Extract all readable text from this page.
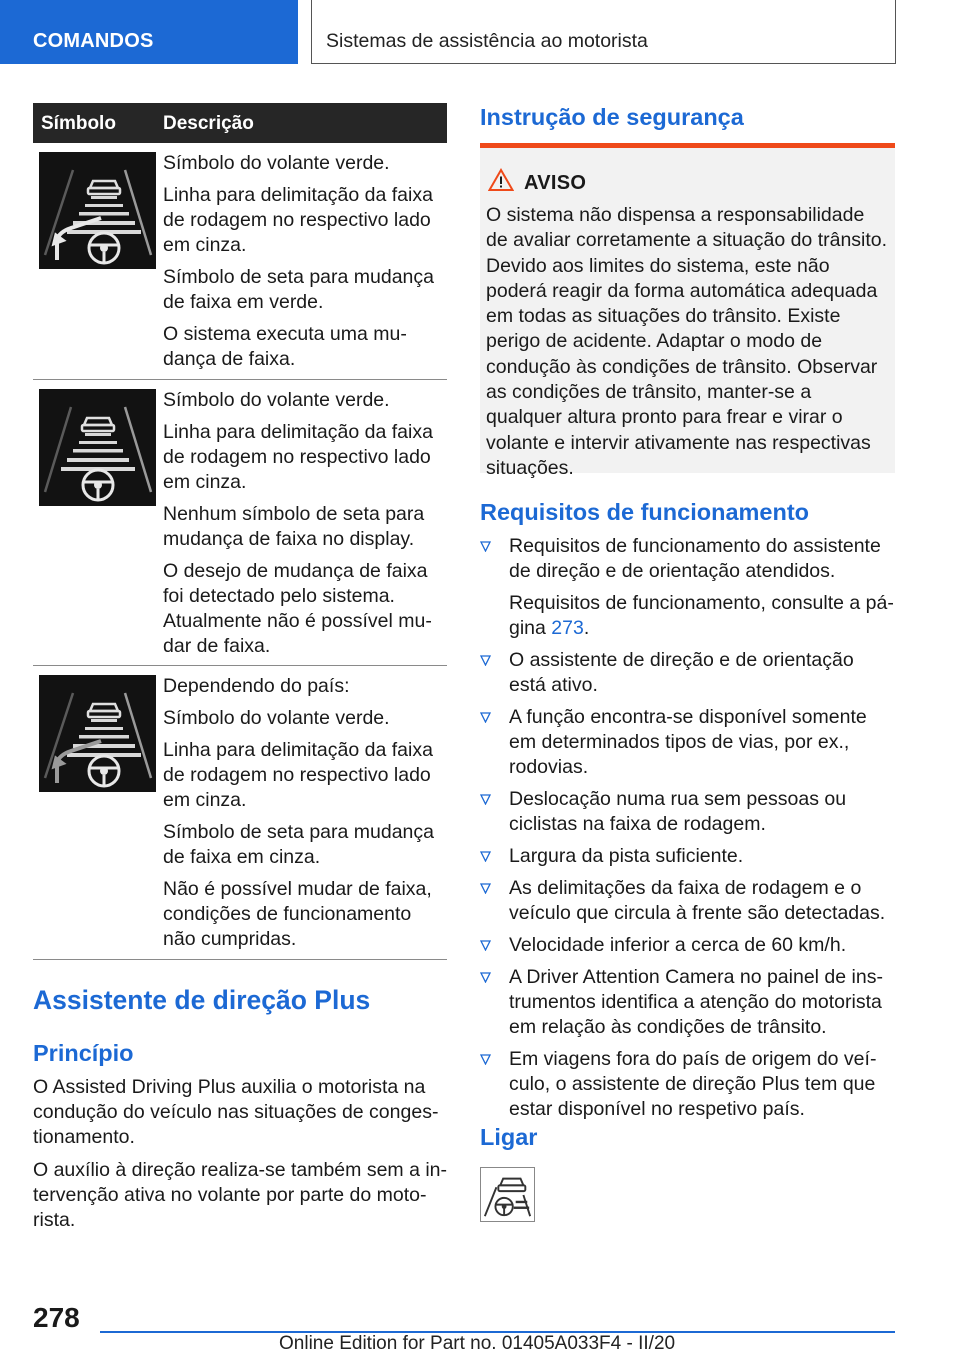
COMANDOS	Sistemas de assistência ao motorista
Símbolo Descrição

Símbolo do volante verde.

Linha para delimitação da faixa de rodagem no respectivo lado em cinza.

Símbolo de seta para mudança de faixa em verde.

O sistema executa uma mudança de faixa.

Símbolo do volante verde.

Linha para delimitação da faixa de rodagem no respectivo lado em cinza.

Nenhum símbolo de seta para mudança de faixa no display.

O desejo de mudança de faixa foi detectado pelo sistema. Atualmente não é possível mudar de faixa.

Dependendo do país:

Símbolo do volante verde.

Linha para delimitação da faixa de rodagem no respectivo lado em cinza.

Símbolo de seta para mudança de faixa em cinza.

Não é possível mudar de faixa, condições de funcionamento não cumpridas.

Assistente de direção Plus
Princípio
O Assisted Driving Plus auxilia o motorista na condução do veículo nas situações de congestionamento.
O auxílio à direção realiza-se também sem a intervenção ativa no volante por parte do motorista.
Instrução de segurança
AVISO
O sistema não dispensa a responsabilidade de avaliar corretamente a situação do trânsito. Devido aos limites do sistema, este não poderá reagir da forma automática adequada em todas as situações do trânsito. Existe perigo de acidente. Adaptar o modo de condução às condições de trânsito. Observar as condições de trânsito, manter-se a qualquer altura pronto para frear e virar o volante e intervir ativamente nas respectivas situações.
Requisitos de funcionamento

Requisitos de funcionamento do assistente de direção e de orientação atendidos.

Requisitos de funcionamento, consulte a página 273.

O assistente de direção e de orientação está ativo.

A função encontra-se disponível somente em determinados tipos de vias, por ex., rodovias.

Deslocação numa rua sem pessoas ou ciclistas na faixa de rodagem.

Largura da pista suficiente.

As delimitações da faixa de rodagem e o veículo que circula à frente são detectadas.

Velocidade inferior a cerca de 60 km/h.

A Driver Attention Camera no painel de instrumentos identifica a atenção do motorista em relação às condições de trânsito.

Em viagens fora do país de origem do veículo, o assistente de direção Plus tem que estar disponível no respetivo país.

Ligar
278
Online Edition for Part no. 01405A033F4 - II/20
